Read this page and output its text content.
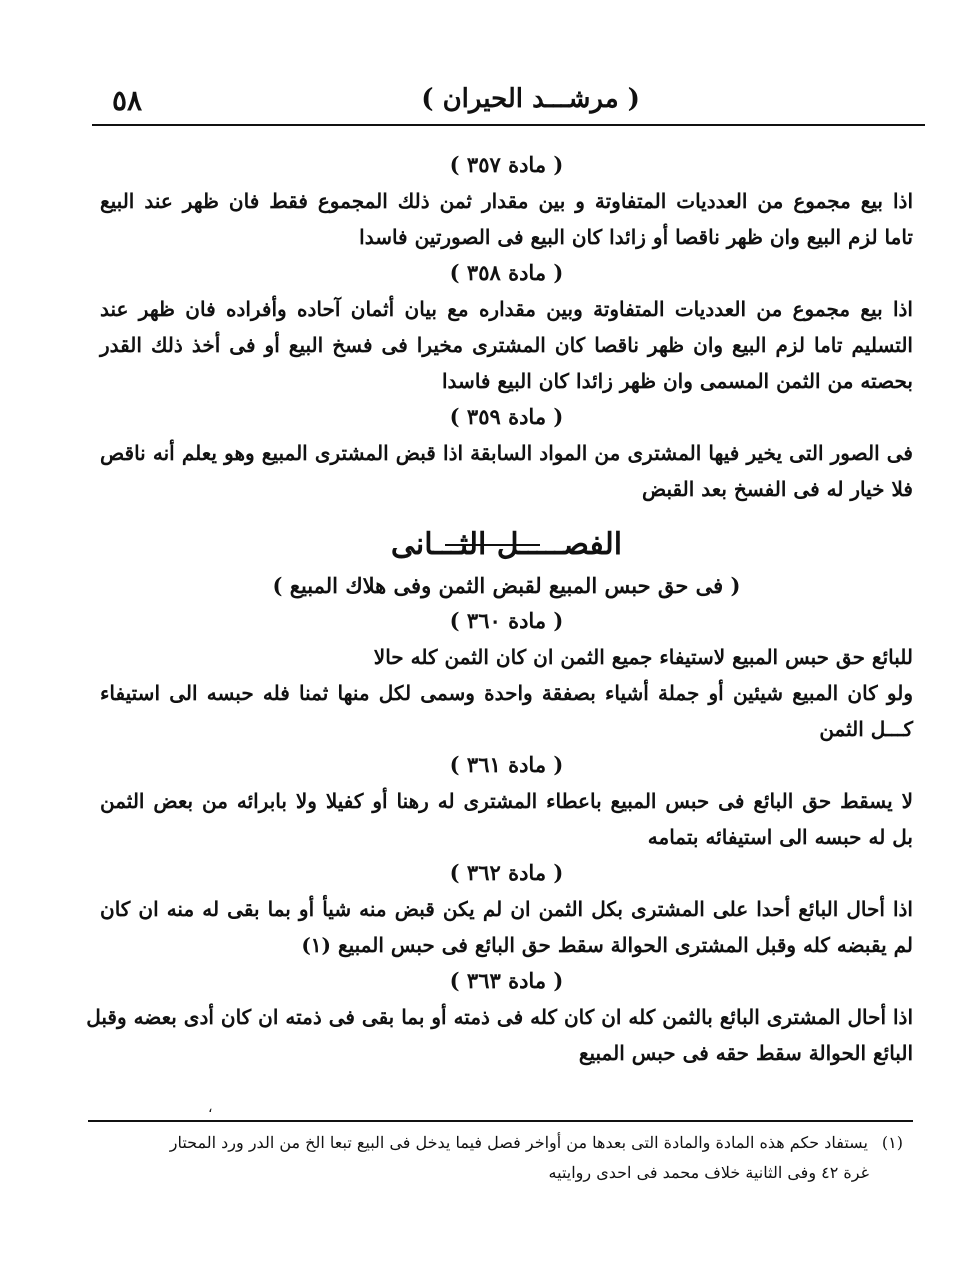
( مرشـــد الحيران )
٥٨
( مادة ٣٥٧ )
اذا بيع مجموع من العدديات المتفاوتة و بين مقدار ثمن ذلك المجموع فقط فان ظهر عند البيع
تاما لزم البيع وان ظهر ناقصا أو زائدا كان البيع فى الصورتين فاسدا
( مادة ٣٥٨ )
اذا بيع مجموع من العدديات المتفاوتة وبين مقداره مع بيان أثمان آحاده وأفراده فان ظهر عند
التسليم تاما لزم البيع وان ظهر ناقصا كان المشترى مخيرا فى فسخ البيع أو فى أخذ ذلك القدر
بحصته من الثمن المسمى وان ظهر زائدا كان البيع فاسدا
( مادة ٣٥٩ )
فى الصور التى يخير فيها المشترى من المواد السابقة اذا قبض المشترى المبيع وهو يعلم أنه ناقص
فلا خيار له فى الفسخ بعد القبض
الفصـــــل الثـــانى
( فى حق حبس المبيع لقبض الثمن وفى هلاك المبيع )
( مادة ٣٦٠ )
للبائع حق حبس المبيع لاستيفاء جميع الثمن ان كان الثمن كله حالا
ولو كان المبيع شيئين أو جملة أشياء بصفقة واحدة وسمى لكل منها ثمنا فله حبسه الى استيفاء
كـــل الثمن
( مادة ٣٦١ )
لا يسقط حق البائع فى حبس المبيع باعطاء المشترى له رهنا أو كفيلا ولا بابرائه من بعض الثمن
بل له حبسه الى استيفائه بتمامه
( مادة ٣٦٢ )
اذا أحال البائع أحدا على المشترى بكل الثمن ان لم يكن قبض منه شيأ أو بما بقى له منه ان كان
لم يقبضه كله وقبل المشترى الحوالة سقط حق البائع فى حبس المبيع (١)
( مادة ٣٦٣ )
اذا أحال المشترى البائع بالثمن كله ان كان كله فى ذمته أو بما بقى فى ذمته ان كان أدى بعضه وقبل
البائع الحوالة سقط حقه فى حبس المبيع
،
(١)يستفاد حكم هذه المادة والمادة التى بعدها من أواخر فصل فيما يدخل فى البيع تبعا الخ من الدر ورد المحتار
غرة ٤٢ وفى الثانية خلاف محمد فى احدى روايتيه
